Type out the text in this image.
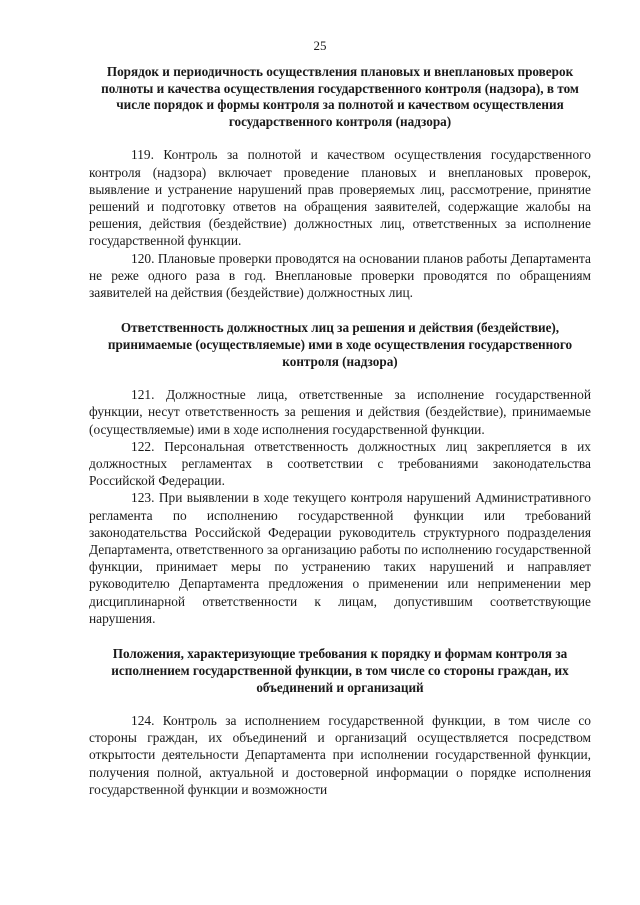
25

Порядок и периодичность осуществления плановых и внеплановых проверок полноты и качества осуществления государственного контроля (надзора), в том числе порядок и формы контроля за полнотой и качеством осуществления государственного контроля (надзора)

119. Контроль за полнотой и качеством осуществления государственного контроля (надзора) включает проведение плановых и внеплановых проверок, выявление и устранение нарушений прав проверяемых лиц, рассмотрение, принятие решений и подготовку ответов на обращения заявителей, содержащие жалобы на решения, действия (бездействие) должностных лиц, ответственных за исполнение государственной функции.

120. Плановые проверки проводятся на основании планов работы Департамента не реже одного раза в год. Внеплановые проверки проводятся по обращениям заявителей на действия (бездействие) должностных лиц.

Ответственность должностных лиц за решения и действия (бездействие), принимаемые (осуществляемые) ими в ходе осуществления государственного контроля (надзора)

121. Должностные лица, ответственные за исполнение государственной функции, несут ответственность за решения и действия (бездействие), принимаемые (осуществляемые) ими в ходе исполнения государственной функции.

122. Персональная ответственность должностных лиц закрепляется в их должностных регламентах в соответствии с требованиями законодательства Российской Федерации.

123. При выявлении в ходе текущего контроля нарушений Административного регламента по исполнению государственной функции или требований законодательства Российской Федерации руководитель структурного подразделения Департамента, ответственного за организацию работы по исполнению государственной функции, принимает меры по устранению таких нарушений и направляет руководителю Департамента предложения о применении или неприменении мер дисциплинарной ответственности к лицам, допустившим соответствующие нарушения.

Положения, характеризующие требования к порядку и формам контроля за исполнением государственной функции, в том числе со стороны граждан, их объединений и организаций

124. Контроль за исполнением государственной функции, в том числе со стороны граждан, их объединений и организаций осуществляется посредством открытости деятельности Департамента при исполнении государственной функции, получения полной, актуальной и достоверной информации о порядке исполнения государственной функции и возможности
